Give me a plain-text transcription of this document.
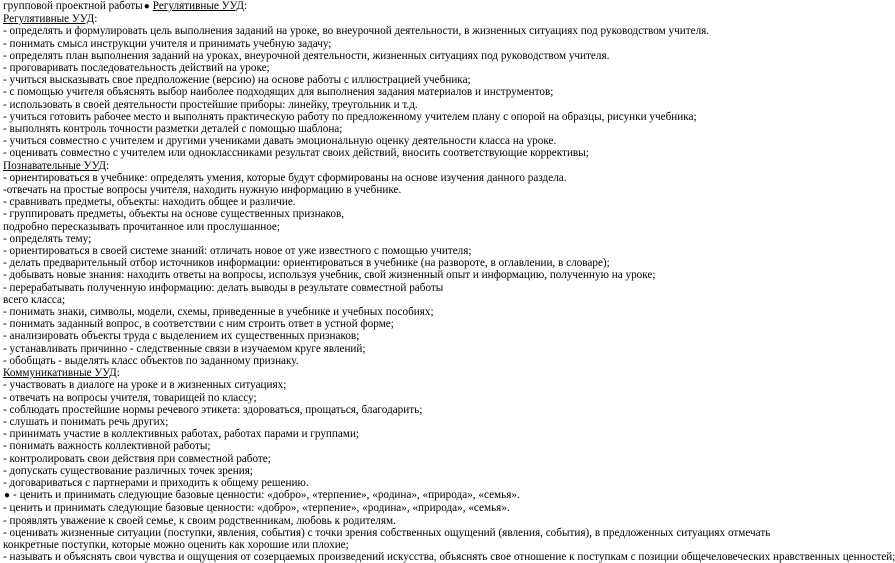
групповой проектной работы● Регулятивные УУД:

Регулятивные УУД:

- определять и формулировать цель выполнения заданий на уроке, во внеурочной деятельности, в жизненных ситуациях под руководством учителя.

- понимать смысл инструкции учителя и принимать учебную задачу;

- определять план выполнения заданий на уроках, внеурочной деятельности, жизненных ситуациях под руководством учителя.

- проговаривать последовательность действий на уроке;

- учиться высказывать свое предположение (версию) на основе работы с иллюстрацией учебника;

- с помощью учителя объяснять выбор наиболее подходящих для выполнения задания материалов и инструментов;

- использовать в своей деятельности простейшие приборы: линейку, треугольник и т.д.

- учиться готовить рабочее место и выполнять практическую работу по предложенному учителем плану с опорой на образцы, рисунки учебника;

- выполнять контроль точности разметки деталей с помощью шаблона;

- учиться совместно с учителем и другими учениками давать эмоциональную оценку деятельности класса на уроке.

- оценивать совместно с учителем или одноклассниками результат своих действий, вносить соответствующие коррективы;

Познавательные УУД:

- ориентироваться в учебнике: определять умения, которые будут сформированы на основе изучения данного раздела.

-отвечать на простые вопросы учителя, находить нужную информацию в учебнике.

- сравнивать предметы, объекты: находить общее и различие.

- группировать предметы, объекты на основе существенных признаков,

подробно пересказывать прочитанное или прослушанное;

- определять тему;

- ориентироваться в своей системе знаний: отличать новое от уже известного с помощью учителя;

- делать предварительный отбор источников информации: ориентироваться в учебнике (на развороте, в оглавлении, в словаре);

- добывать новые знания: находить ответы на вопросы, используя учебник, свой жизненный опыт и информацию, полученную на уроке;

- перерабатывать полученную информацию: делать выводы в результате совместной работы

всего класса;

- понимать знаки, символы, модели, схемы, приведенные в учебнике и учебных пособиях;

- понимать заданный вопрос, в соответствии с ним строить ответ в устной форме;

- анализировать объекты труда с выделением их существенных признаков;

- устанавливать причинно - следственные связи в изучаемом круге явлений;

- обобщать - выделять класс объектов по заданному признаку.

Коммуникативные УУД:

- участвовать в диалоге на уроке и в жизненных ситуациях;

- отвечать на вопросы учителя, товарищей по классу;

- соблюдать простейшие нормы речевого этикета: здороваться, прощаться, благодарить;

- слушать и понимать речь других;

- принимать участие в коллективных работах, работах парами и группами;

- понимать важность коллективной работы;

- контролировать свои действия при совместной работе;

- допускать существование различных точек зрения;

- договариваться с партнерами и приходить к общему решению.

● - ценить и принимать следующие базовые ценности: «добро», «терпение», «родина», «природа», «семья».

- ценить и принимать следующие базовые ценности: «добро», «терпение», «родина», «природа», «семья».

- проявлять уважение к своей семье, к своим родственникам, любовь к родителям.

- оценивать жизненные ситуации (поступки, явления, события) с точки зрения собственных ощущений (явления, события), в предложенных ситуациях отмечать конкретные поступки, которые можно оценить как хорошие или плохие;

- называть и объяснять свои чувства и ощущения от созерцаемых произведений искусства, объяснять свое отношение к поступкам с позиции общечеловеческих нравственных ценностей;
